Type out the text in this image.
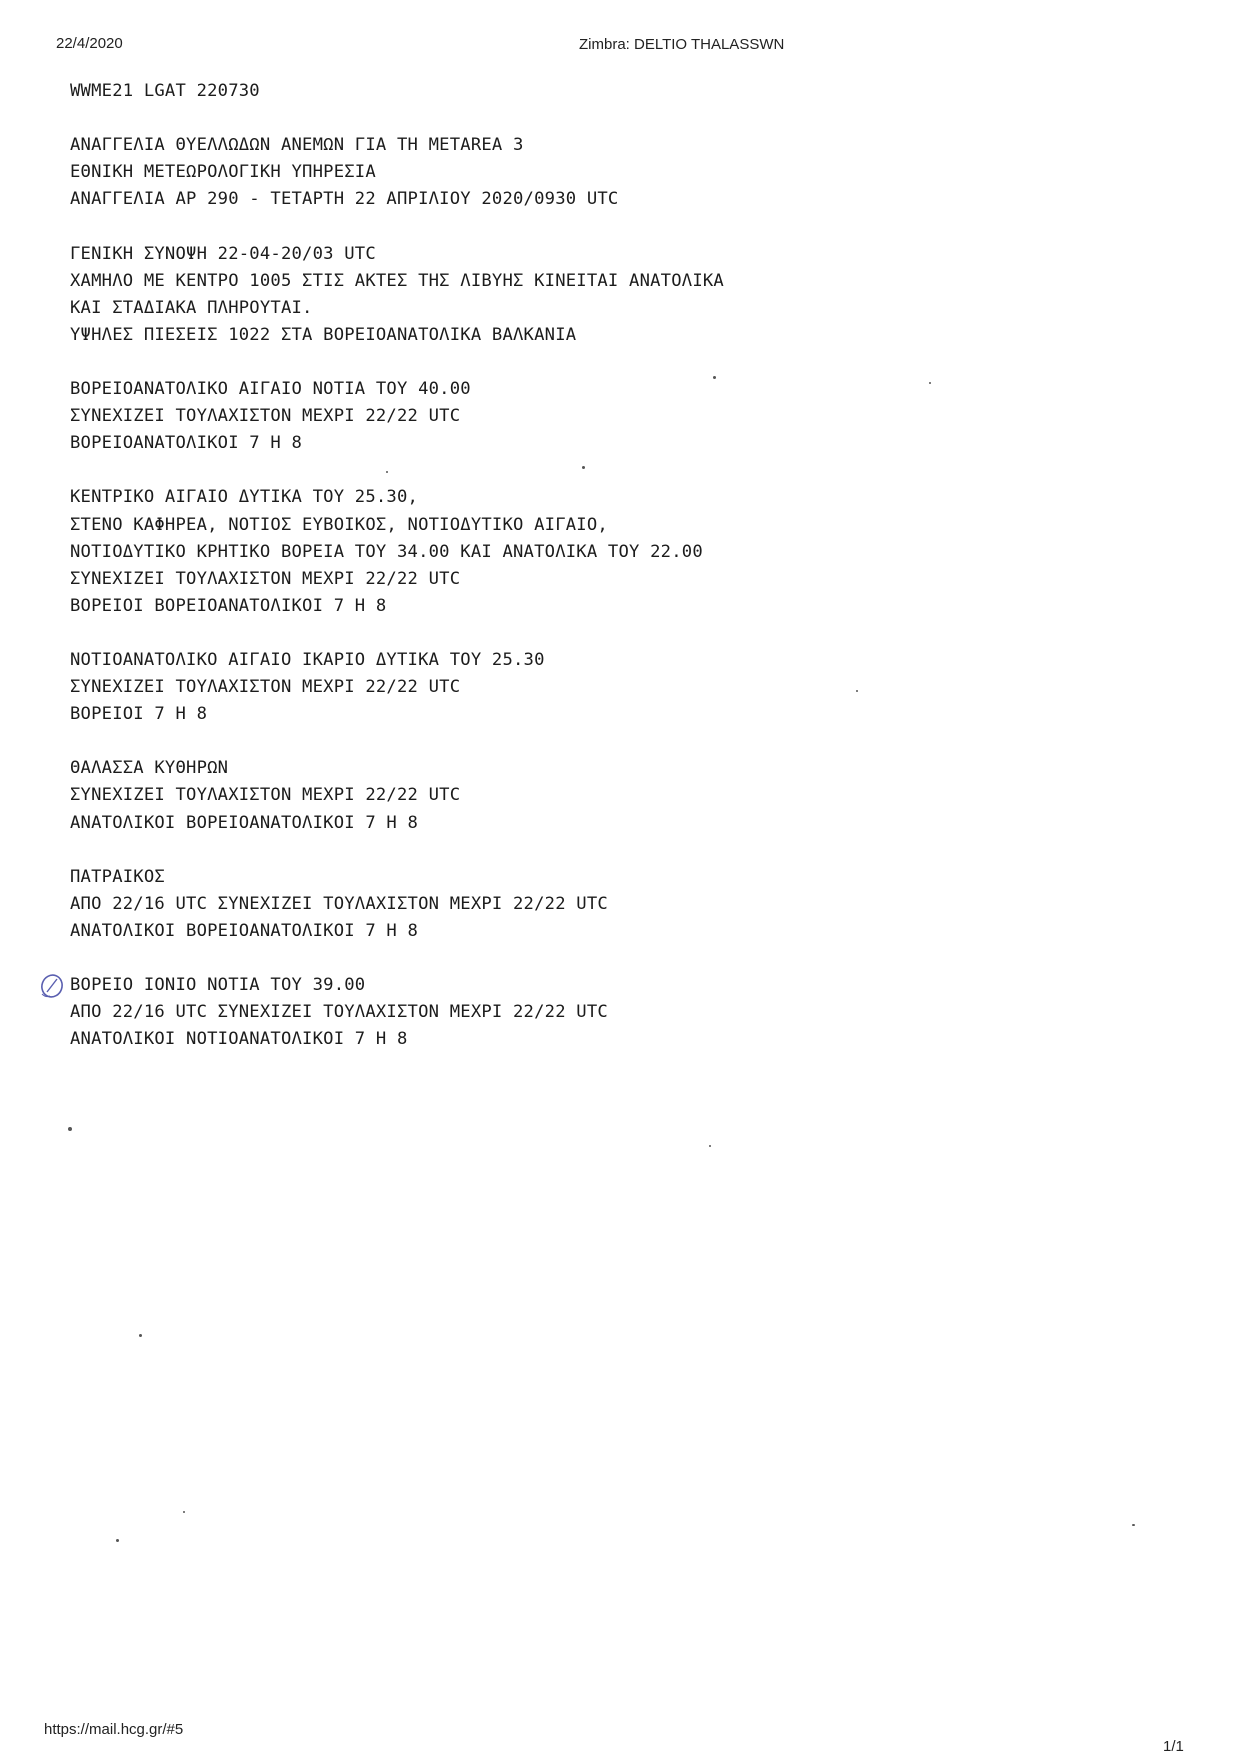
22/4/2020	Zimbra: DELTIO THALASSWN
WWME21 LGAT 220730
ΑΝΑΓΓΕΛΙΑ ΘΥΕΛΛΩΔΩΝ ΑΝΕΜΩΝ ΓΙΑ ΤΗ METAREA 3
ΕΘΝΙΚΗ ΜΕΤΕΩΡΟΛΟΓΙΚΗ ΥΠΗΡΕΣΙΑ
ΑΝΑΓΓΕΛΙΑ ΑΡ 290 - ΤΕΤΑΡΤΗ 22 ΑΠΡΙΛΙΟΥ 2020/0930 UTC
ΓΕΝΙΚΗ ΣΥΝΟΨΗ 22-04-20/03 UTC
ΧΑΜΗΛΟ ΜΕ ΚΕΝΤΡΟ 1005 ΣΤΙΣ ΑΚΤΕΣ ΤΗΣ ΛΙΒΥΗΣ ΚΙΝΕΙΤΑΙ ΑΝΑΤΟΛΙΚΑ
ΚΑΙ ΣΤΑΔΙΑΚΑ ΠΛΗΡΟΥΤΑΙ.
ΥΨΗΛΕΣ ΠΙΕΣΕΙΣ 1022 ΣΤΑ ΒΟΡΕΙΟΑΝΑΤΟΛΙΚΑ ΒΑΛΚΑΝΙΑ
ΒΟΡΕΙΟΑΝΑΤΟΛΙΚΟ ΑΙΓΑΙΟ ΝΟΤΙΑ ΤΟΥ 40.00
ΣΥΝΕΧΙΖΕΙ ΤΟΥΛΑΧΙΣΤΟΝ ΜΕΧΡΙ 22/22 UTC
ΒΟΡΕΙΟΑΝΑΤΟΛΙΚΟΙ 7 Η 8
ΚΕΝΤΡΙΚΟ ΑΙΓΑΙΟ ΔΥΤΙΚΑ ΤΟΥ 25.30,
ΣΤΕΝΟ ΚΑΦΗΡΕΑ, ΝΟΤΙΟΣ ΕΥΒΟΙΚΟΣ, ΝΟΤΙΟΔΥΤΙΚΟ ΑΙΓΑΙΟ,
ΝΟΤΙΟΔΥΤΙΚΟ ΚΡΗΤΙΚΟ ΒΟΡΕΙΑ ΤΟΥ 34.00 ΚΑΙ ΑΝΑΤΟΛΙΚΑ ΤΟΥ 22.00
ΣΥΝΕΧΙΖΕΙ ΤΟΥΛΑΧΙΣΤΟΝ ΜΕΧΡΙ 22/22 UTC
ΒΟΡΕΙΟΙ ΒΟΡΕΙΟΑΝΑΤΟΛΙΚΟΙ 7 Η 8
ΝΟΤΙΟΑΝΑΤΟΛΙΚΟ ΑΙΓΑΙΟ ΙΚΑΡΙΟ ΔΥΤΙΚΑ ΤΟΥ 25.30
ΣΥΝΕΧΙΖΕΙ ΤΟΥΛΑΧΙΣΤΟΝ ΜΕΧΡΙ 22/22 UTC
ΒΟΡΕΙΟΙ 7 Η 8
ΘΑΛΑΣΣΑ ΚΥΘΗΡΩΝ
ΣΥΝΕΧΙΖΕΙ ΤΟΥΛΑΧΙΣΤΟΝ ΜΕΧΡΙ 22/22 UTC
ΑΝΑΤΟΛΙΚΟΙ ΒΟΡΕΙΟΑΝΑΤΟΛΙΚΟΙ 7 Η 8
ΠΑΤΡΑΙΚΟΣ
ΑΠΟ 22/16 UTC ΣΥΝΕΧΙΖΕΙ ΤΟΥΛΑΧΙΣΤΟΝ ΜΕΧΡΙ 22/22 UTC
ΑΝΑΤΟΛΙΚΟΙ ΒΟΡΕΙΟΑΝΑΤΟΛΙΚΟΙ 7 Η 8
ΒΟΡΕΙΟ ΙΟΝΙΟ ΝΟΤΙΑ ΤΟΥ 39.00
ΑΠΟ 22/16 UTC ΣΥΝΕΧΙΖΕΙ ΤΟΥΛΑΧΙΣΤΟΝ ΜΕΧΡΙ 22/22 UTC
ΑΝΑΤΟΛΙΚΟΙ ΝΟΤΙΟΑΝΑΤΟΛΙΚΟΙ 7 Η 8
https://mail.hcg.gr/#5
1/1
